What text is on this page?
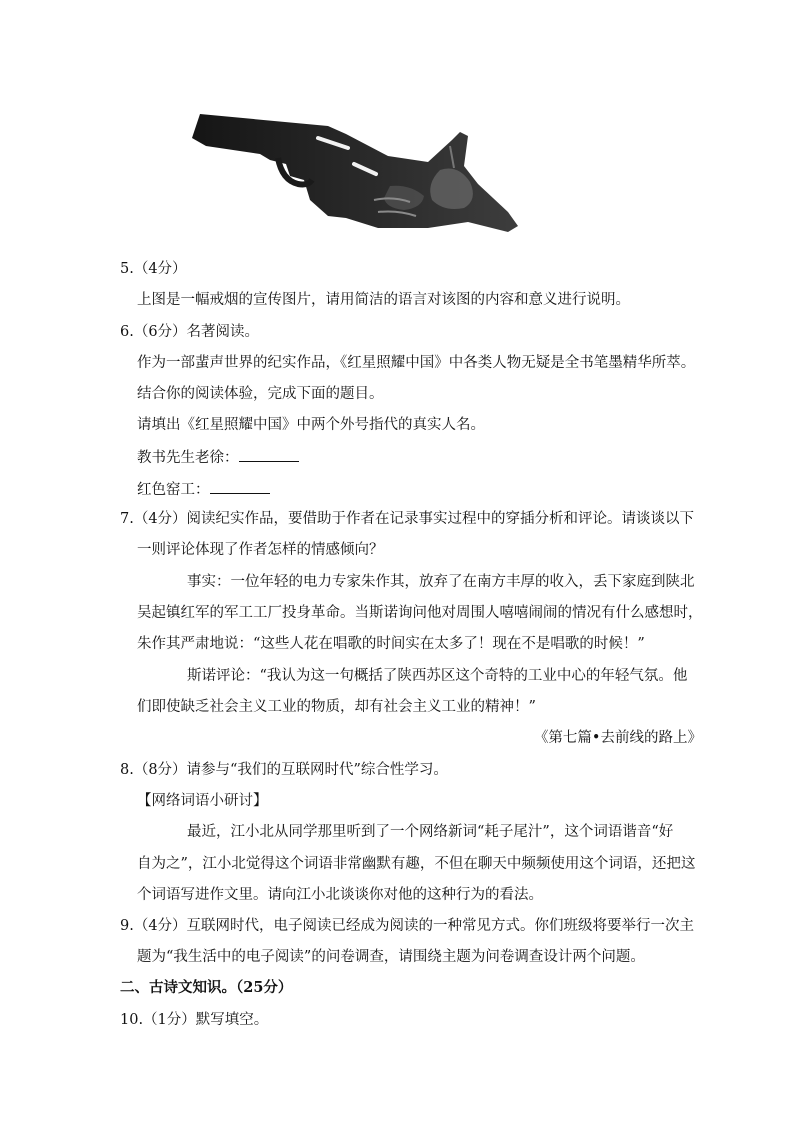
5.（4分）
上图是一幅戒烟的宣传图片，请用简洁的语言对该图的内容和意义进行说明。
6.（6分）名著阅读。
作为一部蜚声世界的纪实作品，《红星照耀中国》中各类人物无疑是全书笔墨精华所萃。
结合你的阅读体验，完成下面的题目。
请填出《红星照耀中国》中两个外号指代的真实人名。
教书先生老徐：
红色窑工：
7.（4分）阅读纪实作品，要借助于作者在记录事实过程中的穿插分析和评论。请谈谈以下
一则评论体现了作者怎样的情感倾向？
事实：一位年轻的电力专家朱作其，放弃了在南方丰厚的收入，丢下家庭到陕北
吴起镇红军的军工工厂投身革命。当斯诺询问他对周围人嘻嘻闹闹的情况有什么感想时，
朱作其严肃地说：“这些人花在唱歌的时间实在太多了！现在不是唱歌的时候！”
斯诺评论：“我认为这一句概括了陕西苏区这个奇特的工业中心的年轻气氛。他
们即使缺乏社会主义工业的物质，却有社会主义工业的精神！”
《第七篇•去前线的路上》
8.（8分）请参与“我们的互联网时代”综合性学习。
【网络词语小研讨】
最近，江小北从同学那里听到了一个网络新词“耗子尾汁”，这个词语谐音“好
自为之”，江小北觉得这个词语非常幽默有趣，不但在聊天中频频使用这个词语，还把这
个词语写进作文里。请向江小北谈谈你对他的这种行为的看法。
9.（4分）互联网时代，电子阅读已经成为阅读的一种常见方式。你们班级将要举行一次主
题为“我生活中的电子阅读”的问卷调查，请围绕主题为问卷调查设计两个问题。
二、古诗文知识。（25分）
10.（1分）默写填空。
